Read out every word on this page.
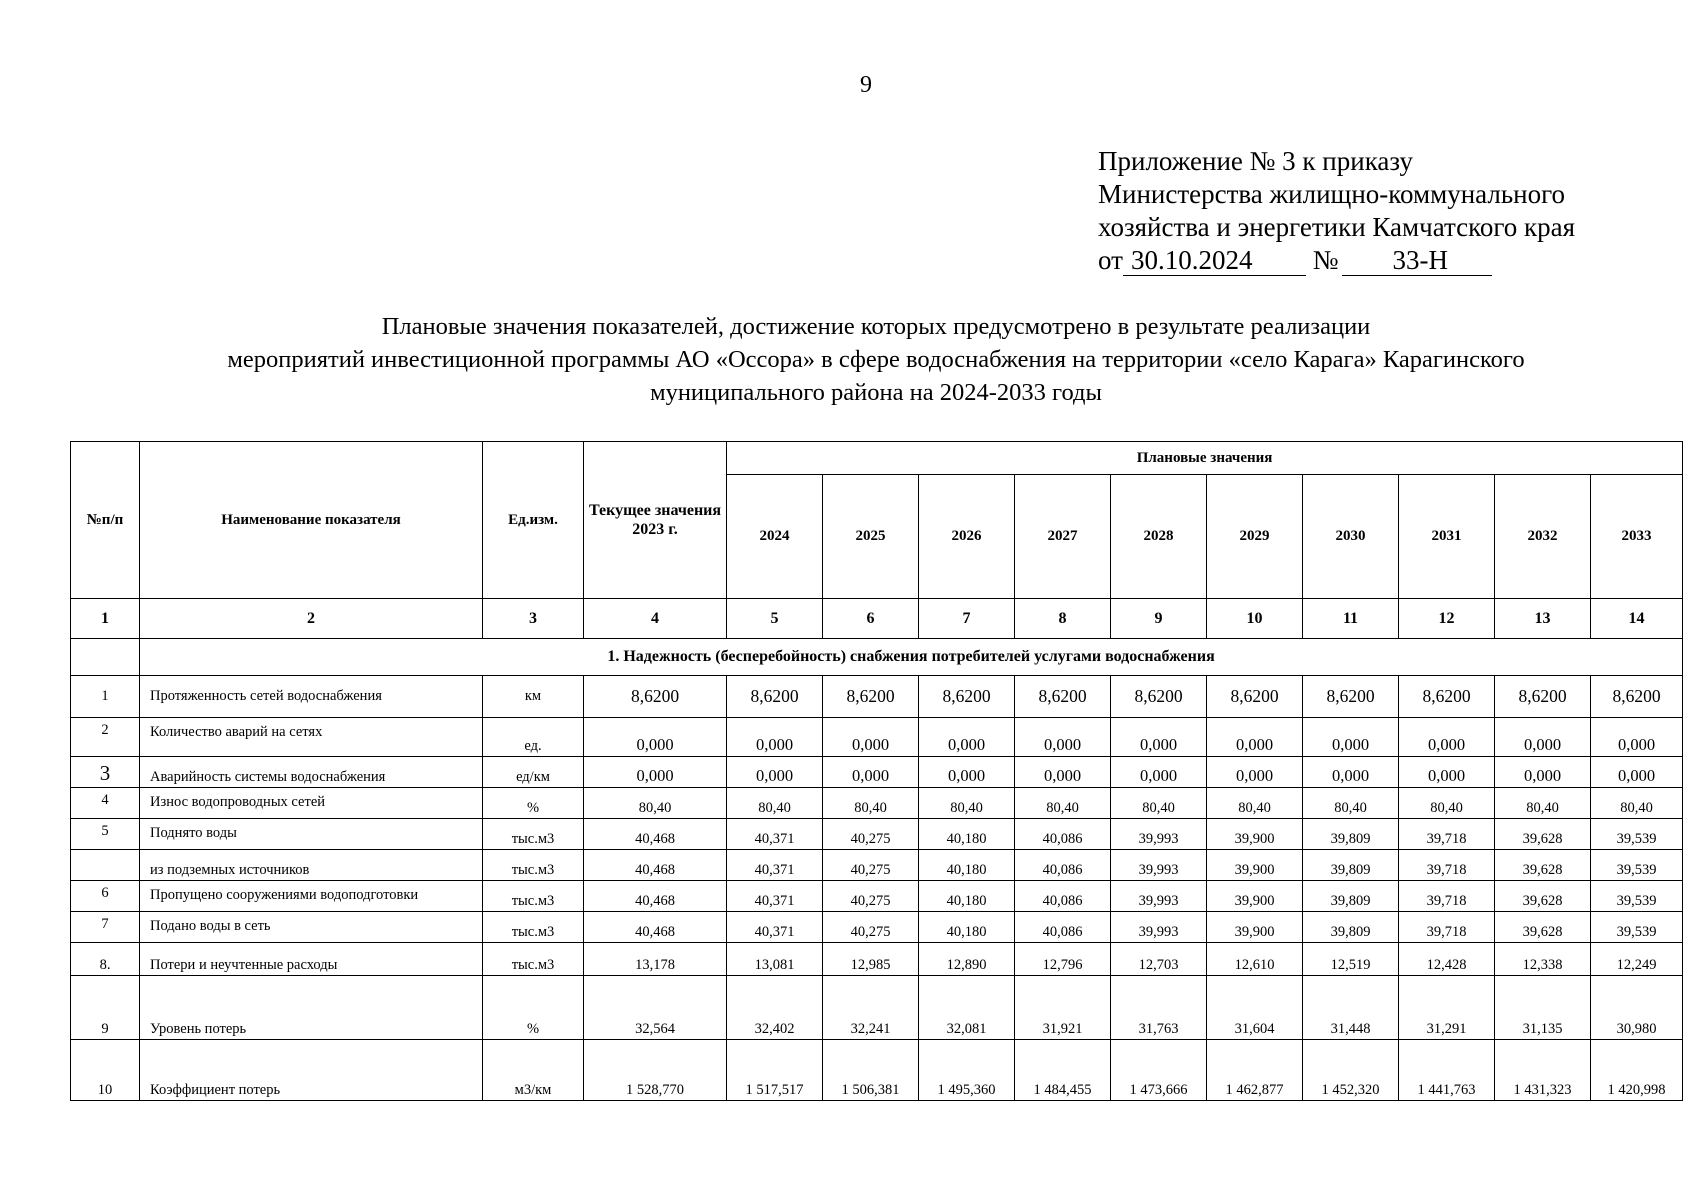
9
Приложение № 3 к приказу
Министерства жилищно-коммунального
хозяйства и энергетики Камчатского края
от 30.10.2024 № 33-Н
Плановые значения показателей, достижение которых предусмотрено в результате реализации
мероприятий инвестиционной программы АО «Оссора» в сфере водоснабжения на территории «село Карага» Карагинского
муниципального района на 2024-2033 годы
№п/п	Наименование показателя	Ед.изм.	Текущее значения 2023 г.	Плановые значения									
				2024	2025	2026	2027	2028	2029	2030	2031	2032	2033
1	2	3	4	5	6	7	8	9	10	11	12	13	14
	1. Надежность (бесперебойность) снабжения потребителей услугами водоснабжения												
1	Протяженность сетей водоснабжения	км	8,6200	8,6200	8,6200	8,6200	8,6200	8,6200	8,6200	8,6200	8,6200	8,6200	8,6200
2	Количество аварий на сетях	ед.	0,000	0,000	0,000	0,000	0,000	0,000	0,000	0,000	0,000	0,000	0,000
3	Аварийность системы водоснабжения	ед/км	0,000	0,000	0,000	0,000	0,000	0,000	0,000	0,000	0,000	0,000	0,000
4	Износ водопроводных сетей	%	80,40	80,40	80,40	80,40	80,40	80,40	80,40	80,40	80,40	80,40	80,40
5	Поднято воды	тыс.м3	40,468	40,371	40,275	40,180	40,086	39,993	39,900	39,809	39,718	39,628	39,539
	из подземных источников	тыс.м3	40,468	40,371	40,275	40,180	40,086	39,993	39,900	39,809	39,718	39,628	39,539
6	Пропущено сооружениями водоподготовки	тыс.м3	40,468	40,371	40,275	40,180	40,086	39,993	39,900	39,809	39,718	39,628	39,539
7	Подано воды в сеть	тыс.м3	40,468	40,371	40,275	40,180	40,086	39,993	39,900	39,809	39,718	39,628	39,539
8.	Потери и неучтенные расходы	тыс.м3	13,178	13,081	12,985	12,890	12,796	12,703	12,610	12,519	12,428	12,338	12,249
9	Уровень потерь	%	32,564	32,402	32,241	32,081	31,921	31,763	31,604	31,448	31,291	31,135	30,980
10	Коэффициент потерь	м3/км	1 528,770	1 517,517	1 506,381	1 495,360	1 484,455	1 473,666	1 462,877	1 452,320	1 441,763	1 431,323	1 420,998
